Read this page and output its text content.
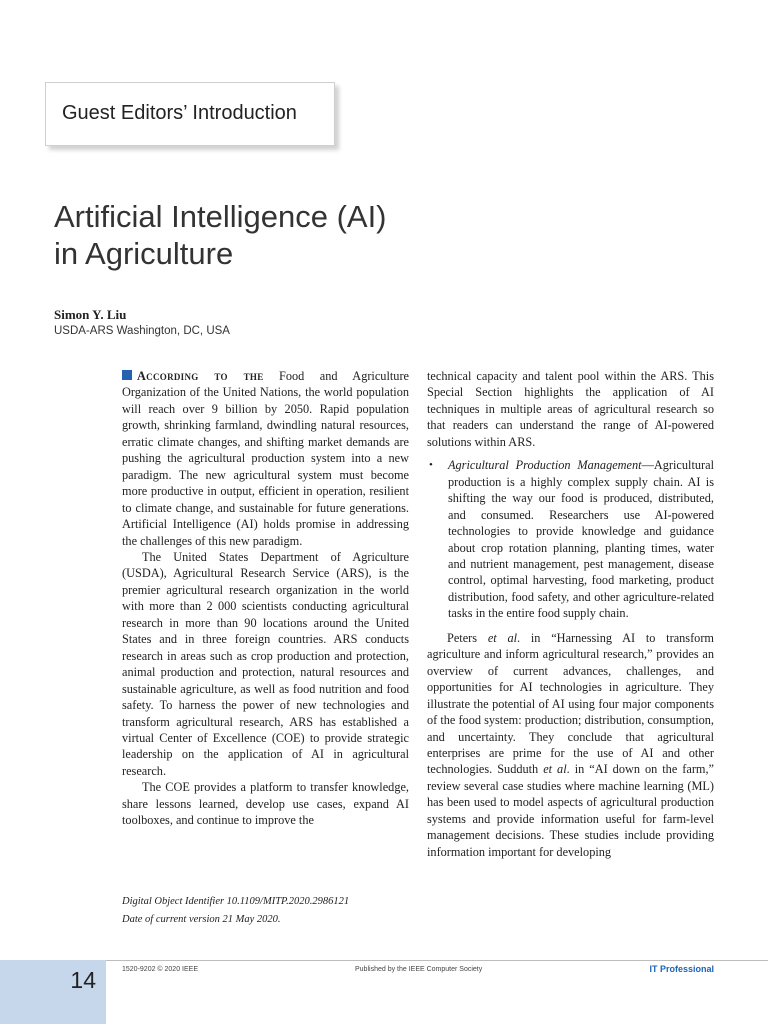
Guest Editors’ Introduction
Artificial Intelligence (AI)
in Agriculture
Simon Y. Liu
USDA-ARS Washington, DC, USA

According to the Food and Agriculture Organization of the United Nations, the world population will reach over 9 billion by 2050. Rapid population growth, shrinking farmland, dwindling natural resources, erratic climate changes, and shifting market demands are pushing the agricultural production system into a new paradigm. The new agricultural system must become more productive in output, efficient in operation, resilient to climate change, and sustainable for future generations. Artificial Intelligence (AI) holds promise in addressing the challenges of this new paradigm.

The United States Department of Agriculture (USDA), Agricultural Research Service (ARS), is the premier agricultural research organization in the world with more than 2 000 scientists conducting agricultural research in more than 90 locations around the United States and in three foreign countries. ARS conducts research in areas such as crop production and protection, animal production and protection, natural resources and sustainable agriculture, as well as food nutrition and food safety. To harness the power of new technologies and transform agricultural research, ARS has established a virtual Center of Excellence (COE) to provide strategic leadership on the application of AI in agricultural research.

The COE provides a platform to transfer knowledge, share lessons learned, develop use cases, expand AI toolboxes, and continue to improve the

technical capacity and talent pool within the ARS. This Special Section highlights the application of AI techniques in multiple areas of agricultural research so that readers can understand the range of AI-powered solutions within ARS.

• Agricultural Production Management—Agricultural production is a highly complex supply chain. AI is shifting the way our food is produced, distributed, and consumed. Researchers use AI-powered technologies to provide knowledge and guidance about crop rotation planning, planting times, water and nutrient management, pest management, disease control, optimal harvesting, food marketing, product distribution, food safety, and other agriculture-related tasks in the entire food supply chain.

Peters et al. in “Harnessing AI to transform agriculture and inform agricultural research,” provides an overview of current advances, challenges, and opportunities for AI technologies in agriculture. They illustrate the potential of AI using four major components of the food system: production; distribution, consumption, and uncertainty. They conclude that agricultural enterprises are prime for the use of AI and other technologies. Sudduth et al. in “AI down on the farm,” review several case studies where machine learning (ML) has been used to model aspects of agricultural production systems and provide information useful for farm-level management decisions. These studies include providing information important for developing

Digital Object Identifier 10.1109/MITP.2020.2986121
Date of current version 21 May 2020.
14	1520-9202 © 2020 IEEE	Published by the IEEE Computer Society	IT Professional
